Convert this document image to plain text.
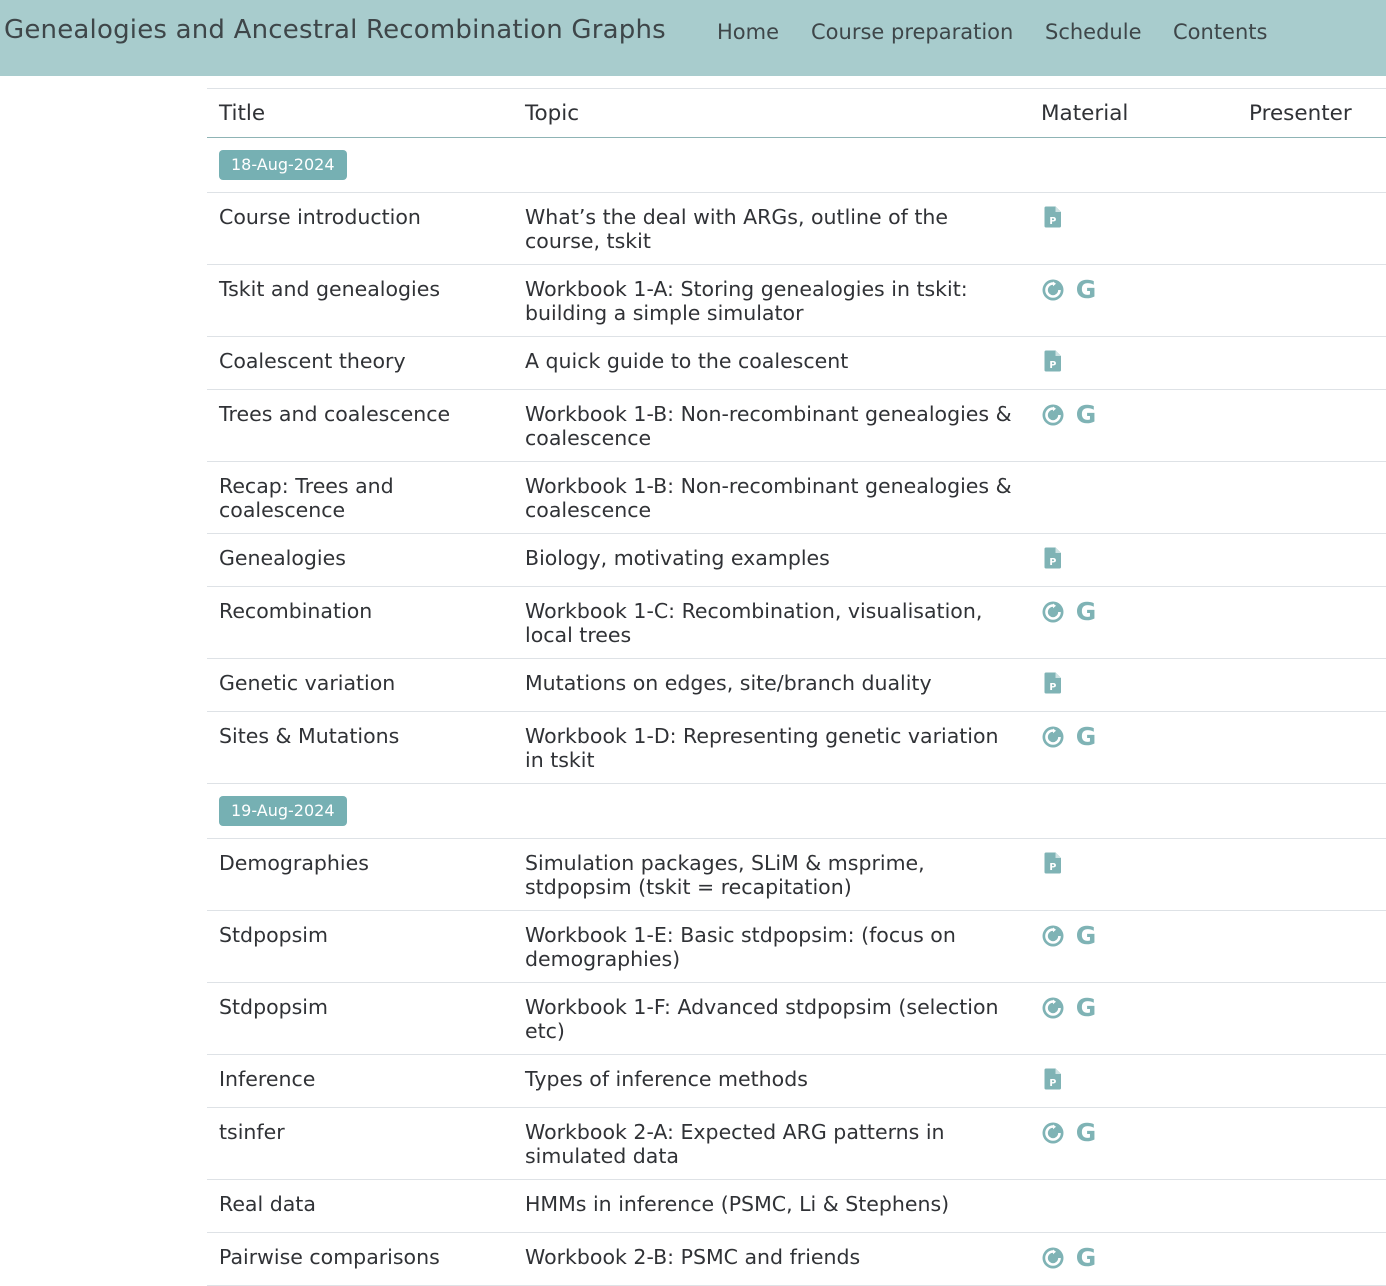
Genealogies and Ancestral Recombination Graphs Home Course preparation Schedule Contents
Title	Topic	Material	Presenter
18-Aug-2024			
Course introduction	What’s the deal with ARGs, outline of the course, tskit	P	

Tskit and genealogies	Workbook 1-A: Storing genealogies in tskit: building a simple simulator	G	

Coalescent theory	A quick guide to the coalescent	P	

Trees and coalescence	Workbook 1-B: Non-recombinant genealogies & coalescence	G	

Recap: Trees and coalescence	Workbook 1-B: Non-recombinant genealogies & coalescence		
Genealogies	Biology, motivating examples	P	

Recombination	Workbook 1-C: Recombination, visualisation, local trees	G	

Genetic variation	Mutations on edges, site/branch duality	P	

Sites & Mutations	Workbook 1-D: Representing genetic variation in tskit	G	

19-Aug-2024			
Demographies	Simulation packages, SLiM & msprime, stdpopsim (tskit = recapitation)	P	

Stdpopsim	Workbook 1-E: Basic stdpopsim: (focus on demographies)	G	

Stdpopsim	Workbook 1-F: Advanced stdpopsim (selection etc)	G	

Inference	Types of inference methods	P	

tsinfer	Workbook 2-A: Expected ARG patterns in simulated data	G	

Real data	HMMs in inference (PSMC, Li & Stephens)		
Pairwise comparisons	Workbook 2-B: PSMC and friends	G	
